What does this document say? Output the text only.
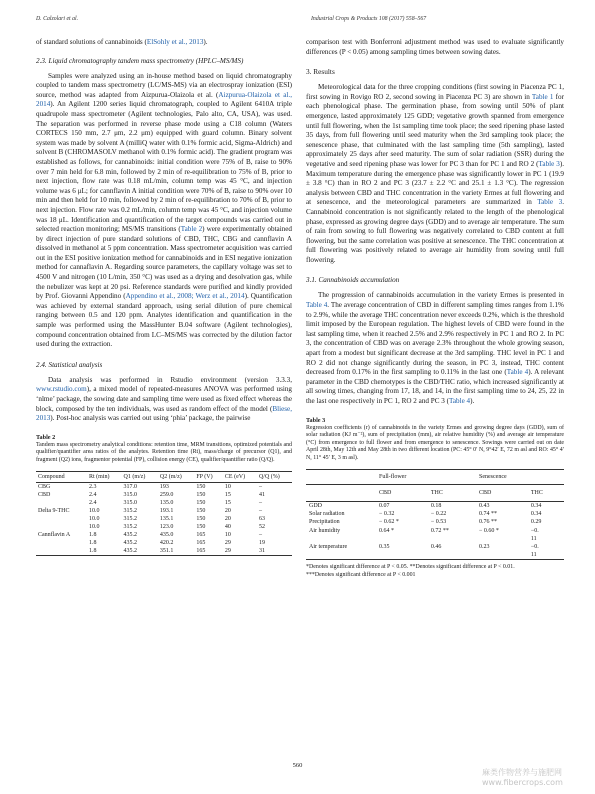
D. Calzolari et al.	Industrial Crops & Products 108 (2017) 558–567

of standard solutions of cannabinoids (ElSohly et al., 2013).

2.3. Liquid chromatography tandem mass spectrometry (HPLC–MS/MS)

Samples were analyzed using an in-house method based on liquid chromatography coupled to tandem mass spectrometry (LC/MS-MS) via an electrospray ionization (ESI) source, method was adapted from Aizpurua-Olaizola et al. (Aizpurua-Olaizola et al., 2014). An Agilent 1200 series liquid chromatograph, coupled to Agilent 6410A triple quadrupole mass spectrometer (Agilent technologies, Palo alto, CA, USA), was used. The separation was performed in reverse phase mode using a C18 column (Waters CORTECS 150 mm, 2.7 μm, 2.2 μm) equipped with guard column. Binary solvent system was made by solvent A (milliQ water with 0.1% formic acid, Sigma-Aldrich) and solvent B (CHROMASOLV methanol with 0.1% formic acid). The gradient program was established as follows, for cannabinoids: initial condition were 75% of B, raise to 90% over 7 min held for 6.8 min, followed by 2 min of re-equilibration to 75% of B, prior to next injection, flow rate was 0.18 mL/min, column temp was 45 °C, and injection volume was 6 μL; for cannflavin A initial condition were 70% of B, raise to 90% over 10 min and then held for 10 min, followed by 2 min of re-equilibration to 70% of B, prior to next injection. Flow rate was 0.2 mL/min, column temp was 45 °C, and injection volume was 18 μL. Identification and quantification of the target compounds was carried out in selected reaction monitoring; MS/MS transitions (Table 2) were experimentally obtained by direct injection of pure standard solutions of CBD, THC, CBG and cannflavin A dissolved in methanol at 5 ppm concentration. Mass spectrometer acquisition was carried out in the ESI positive ionization method for cannabinoids and in ESI negative ionization method for cannaflavin A. Regarding source parameters, the capillary voltage was set to 4500 V and nitrogen (10 L/min, 350 °C) was used as a drying and desolvation gas, while the nebulizer was kept at 20 psi. Reference standards were purified and kindly provided by Prof. Giovanni Appendino (Appendino et al., 2008; Werz et al., 2014). Quantification was achieved by external standard approach, using serial dilution of pure chemical ranging between 0.5 and 120 ppm. Analytes identification and quantification in the sample was performed using the MassHunter B.04 software (Agilent technologies), compound concentration obtained from LC–MS/MS was corrected by the dilution factor used during the extraction.

2.4. Statistical analysis

Data analysis was performed in Rstudio environment (version 3.3.3, www.rstudio.com), a mixed model of repeated-measures ANOVA was performed using ‘nlme’ package, the sowing date and sampling time were used as fixed effect whereas the block, composed by the ten individuals, was used as random effect of the model (Bliese, 2013). Post-hoc analysis was carried out using ‘phia’ package, the pairwise

Table 2

Tandem mass spectrometry analytical conditions: retention time, MRM transitions, optimized potentials and qualifier/quantifier area ratios of the analytes. Retention time (Rt), mass/charge of precursor (Q1), and fragment (Q2) ions, fragmentor potential (FP), collision energy (CE), qualifier/quantifier ratio (Q/Q).

Compound	Rt (min)	Q1 (m/z)	Q2 (m/z)	FP (V)	CE (eV)	Q/Q (%)
CBG	2.3	317.0	193	150	10	–
CBD	2.4	315.0	259.0	150	15	41
	2.4	315.0	135.0	150	15	–
Delta 9-THC	10.0	315.2	193.1	150	20	–
	10.0	315.2	135.1	150	20	63
	10.0	315.2	123.0	150	40	52
Cannflavin A	1.8	435.2	435.0	165	10	–
	1.8	435.2	420.2	165	29	19
	1.8	435.2	351.1	165	29	31

comparison test with Bonferroni adjustment method was used to evaluate significantly differences (P < 0.05) among sampling times between sowing dates.

3. Results

Meteorological data for the three cropping conditions (first sowing in Piacenza PC 1, first sowing in Rovigo RO 2, second sowing in Piacenza PC 3) are shown in Table 1 for each phenological phase. The germination phase, from sowing until 50% of plant emergence, lasted approximately 125 GDD; vegetative growth spanned from emergence until full flowering, when the 1st sampling time took place; the seed ripening phase lasted 35 days, from full flowering until seed maturity when the 3rd sampling took place; the senescence phase, that culminated with the last sampling time (5th sampling), lasted approximately 25 days after seed maturity. The sum of solar radiation (SSR) during the vegetative and seed ripening phase was lower for PC 3 than for PC 1 and RO 2 (Table 3). Maximum temperature during the emergence phase was significantly lower in PC 1 (19.9 ± 3.8 °C) than in RO 2 and PC 3 (23.7 ± 2.2 °C and 25.1 ± 1.3 °C). The regression analysis between CBD and THC concentration in the variety Ermes at full flowering and at senescence, and the meteorological parameters are summarized in Table 3. Cannabinoid concentration is not significantly related to the length of the phenological phase, expressed as growing degree days (GDD) and to average air temperature. The sum of rain from sowing to full flowering was negatively correlated to CBD content at full flowering, but the same correlation was positive at senescence. The THC concentration at full flowering was positively related to average air humidity from sowing until full flowering.

3.1. Cannabinoids accumulation

The progression of cannabinoids accumulation in the variety Ermes is presented in Table 4. The average concentration of CBD in different sampling times ranges from 1.1% to 2.9%, while the average THC concentration never exceeds 0.2%, which is the threshold limit imposed by the European regulation. The highest levels of CBD were found in the last sampling time, when it reached 2.5% and 2.9% respectively in PC 1 and RO 2. In PC 3, the concentration of CBD was on average 2.3% throughout the whole growing season, apart from a modest but significant decrease at the 3rd sampling. THC level in PC 1 and RO 2 did not change significantly during the season, in PC 3, instead, THC content decreased from 0.17% in the first sampling to 0.11% in the last one (Table 4). A relevant parameter in the CBD chemotypes is the CBD/THC ratio, which increased significantly at all sowing times, changing from 17, 18, and 14, in the first sampling time to 24, 25, 22 in the last one respectively in PC 1, RO 2 and PC 3 (Table 4).

Table 3

Regression coefficients (r) of cannabinoids in the variety Ermes and growing degree days (GDD), sum of solar radiation (KJ m⁻²), sum of precipitation (mm), air relative humidity (%) and average air temperature (°C) from emergence to full flower and from emergence to senescence. Sowings were carried out on date April 28th, May 12th and May 28th in two different location (PC: 45° 0′ N, 9°42′ E, 72 m asl and RO: 45° 4′ N, 11° 45′ E, 3 m asl).

	Full-flower		Senescence	
	CBD	THC	CBD	THC
GDD	0.07	0.18	0.43	0.34
Solar radiation	− 0.32	− 0.22	0.74 **	0.34
Precipitation	− 0.62 *	− 0.53	0.76 **	0.29
Air humidity	0.64 *	0.72 **	− 0.60 *	−0.
11
Air temperature	0.35	0.46	0.23	−0.
11

*Denotes significant difference at P < 0.05. **Denotes significant difference at P < 0.01.

***Denotes significant difference at P < 0.001

560
麻类作物营养与施肥网
www.fibercrops.com
